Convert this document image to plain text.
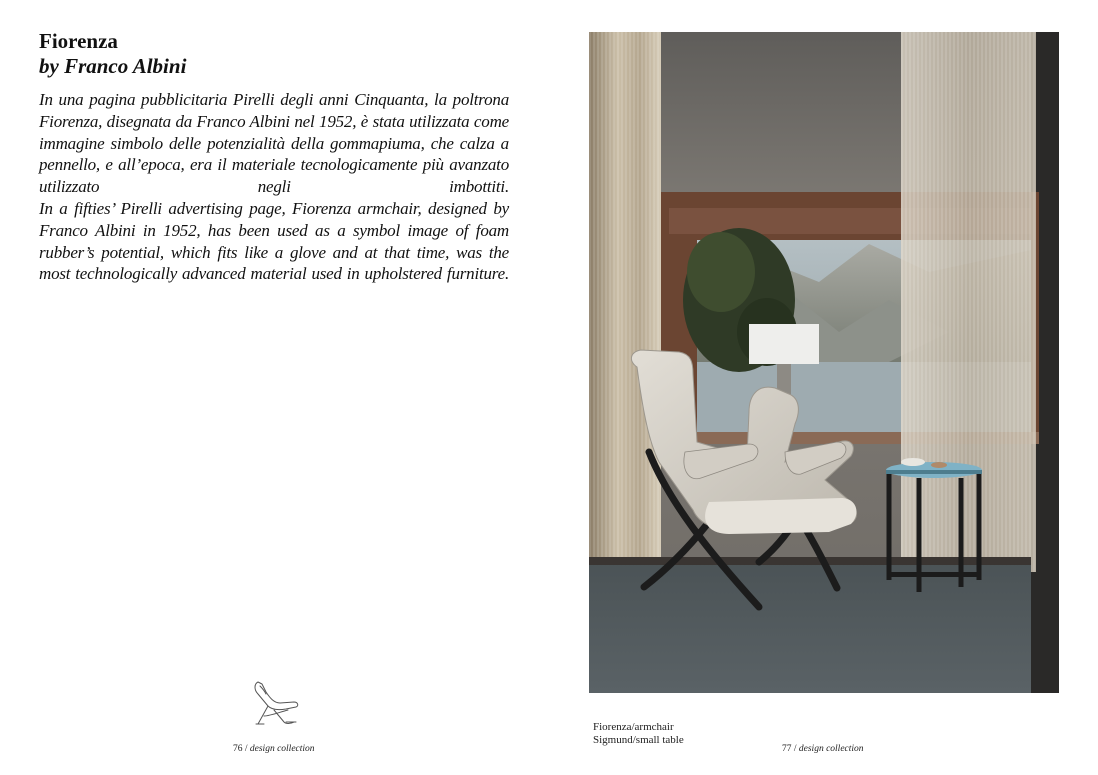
Fiorenza
by Franco Albini

In una pagina pubblicitaria Pirelli degli anni Cinquanta, la poltrona Fiorenza, disegnata da Franco Albini nel 1952, è stata utilizzata come immagine simbolo delle potenzialità della gommapiuma, che calza a pennello, e all’epoca, era il materiale tecnologicamente più avanzato utilizzato negli imbottiti.

In a fifties’ Pirelli advertising page, Fiorenza armchair, designed by Franco Albini in 1952, has been used as a symbol image of foam rubber’s potential, which fits like a glove and at that time, was the most technologically advanced material used in upholstered furniture.

76 / design collection
Fiorenza/armchair
Sigmund/small table
77 / design collection
